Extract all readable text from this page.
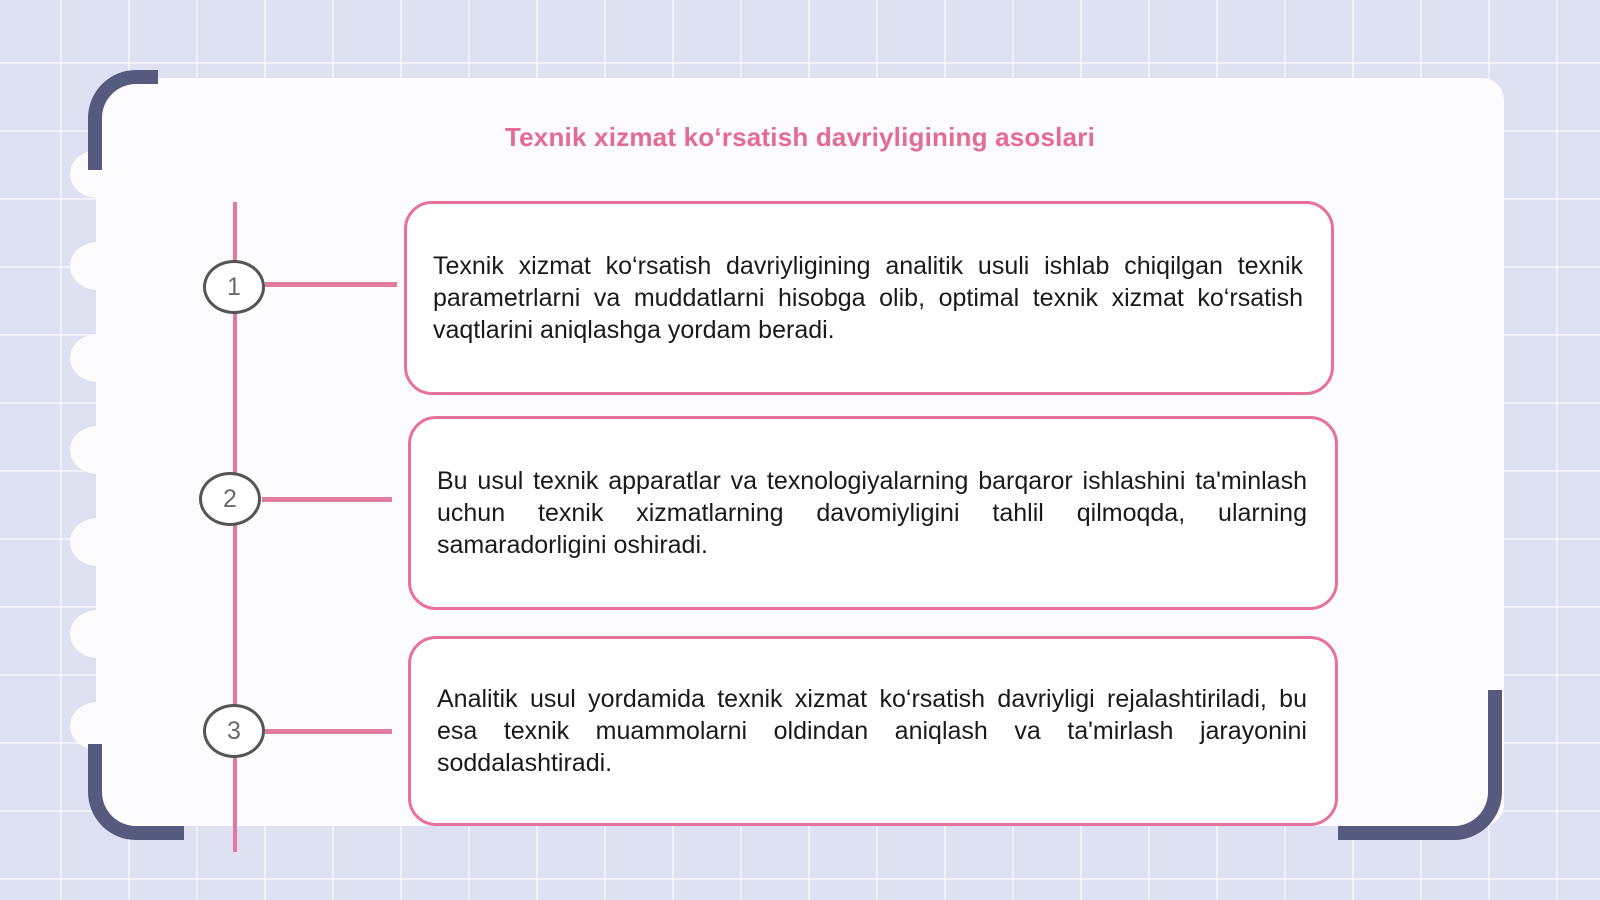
Texnik xizmat koʻrsatish davriyligining asoslari
1
Texnik xizmat ko‘rsatish davriyligining analitik usuli ishlab chiqilgan texnik parametrlarni va muddatlarni hisobga olib, optimal texnik xizmat ko‘rsatish vaqtlarini aniqlashga yordam beradi.
2
Bu usul texnik apparatlar va texnologiyalarning barqaror ishlashini ta'minlash uchun texnik xizmatlarning davomiyligini tahlil qilmoqda, ularning samaradorligini oshiradi.
3
Analitik usul yordamida texnik xizmat ko‘rsatish davriyligi rejalashtiriladi, bu esa texnik muammolarni oldindan aniqlash va ta'mirlash jarayonini soddalashtiradi.
